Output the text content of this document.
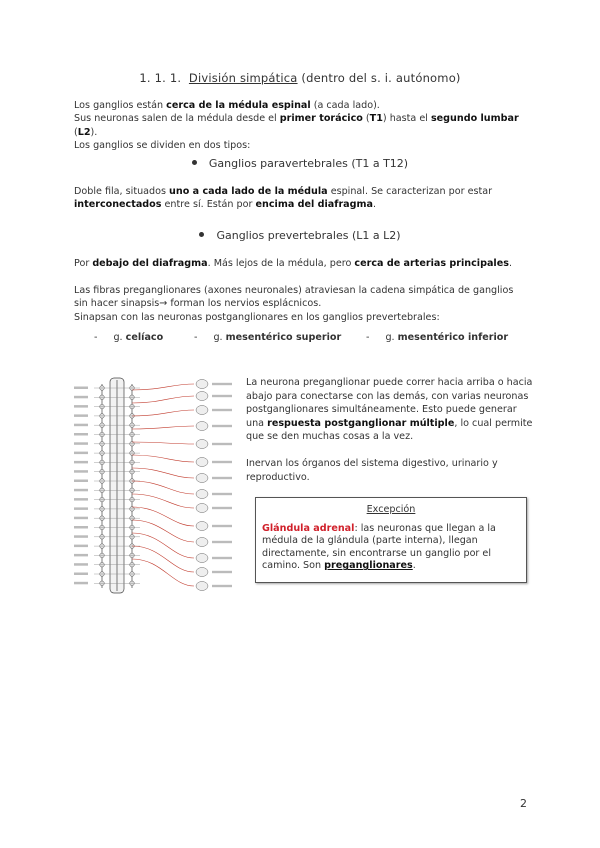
1. 1. 1. División simpática (dentro del s. i. autónomo)
Los ganglios están cerca de la médula espinal (a cada lado).
Sus neuronas salen de la médula desde el primer torácico (T1) hasta el segundo lumbar (L2).
Los ganglios se dividen en dos tipos:
Ganglios paravertebrales (T1 a T12)
Doble fila, situados uno a cada lado de la médula espinal. Se caracterizan por estar interconectados entre sí. Están por encima del diafragma.
Ganglios prevertebrales (L1 a L2)
Por debajo del diafragma. Más lejos de la médula, pero cerca de arterias principales.
Las fibras preganglionares (axones neuronales) atraviesan la cadena simpática de ganglios
sin hacer sinapsis→ forman los nervios esplácnicos.
Sinapsan con las neuronas postganglionares en los ganglios prevertebrales:
- g. celíaco	- g. mesentérico superior	- g. mesentérico inferior
La neurona preganglionar puede correr hacia arriba o hacia abajo para conectarse con las demás, con varias neuronas postganglionares simultáneamente. Esto puede generar una respuesta postganglionar múltiple, lo cual permite que se den muchas cosas a la vez.
Inervan los órganos del sistema digestivo, urinario y reproductivo.
Excepción
Glándula adrenal: las neuronas que llegan a la médula de la glándula (parte interna), llegan directamente, sin encontrarse un ganglio por el camino. Son preganglionares.
2
